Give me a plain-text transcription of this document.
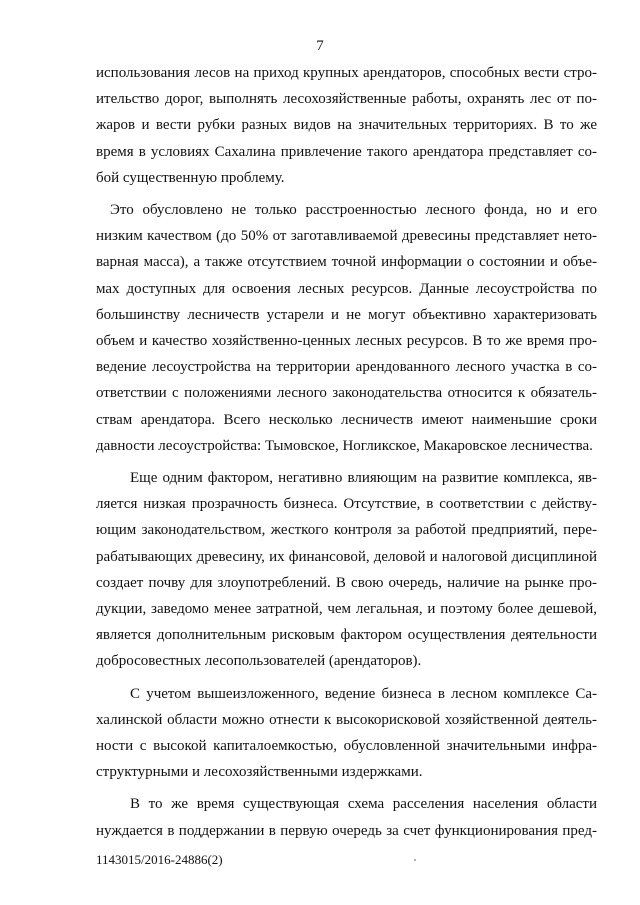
7

использования лесов на приход крупных арендаторов, способных вести стро-
ительство дорог, выполнять лесохозяйственные работы, охранять лес от по-
жаров и вести рубки разных видов на значительных территориях. В то же
время в условиях Сахалина привлечение такого арендатора представляет со-
бой существенную проблему.

Это обусловлено не только расстроенностью лесного фонда, но и его
низким качеством (до 50% от заготавливаемой древесины представляет нето-
варная масса), а также отсутствием точной информации о состоянии и объе-
мах доступных для освоения лесных ресурсов. Данные лесоустройства по
большинству лесничеств устарели и не могут объективно характеризовать
объем и качество хозяйственно-ценных лесных ресурсов. В то же время про-
ведение лесоустройства на территории арендованного лесного участка в со-
ответствии с положениями лесного законодательства относится к обязатель-
ствам арендатора. Всего несколько лесничеств имеют наименьшие сроки
давности лесоустройства: Тымовское, Ногликское, Макаровское лесничества.

Еще одним фактором, негативно влияющим на развитие комплекса, яв-
ляется низкая прозрачность бизнеса. Отсутствие, в соответствии с действу-
ющим законодательством, жесткого контроля за работой предприятий, пере-
рабатывающих древесину, их финансовой, деловой и налоговой дисциплиной
создает почву для злоупотреблений. В свою очередь, наличие на рынке про-
дукции, заведомо менее затратной, чем легальная, и поэтому более дешевой,
является дополнительным рисковым фактором осуществления деятельности
добросовестных лесопользователей (арендаторов).

С учетом вышеизложенного, ведение бизнеса в лесном комплексе Са-
халинской области можно отнести к высокорисковой хозяйственной деятель-
ности с высокой капиталоемкостью, обусловленной значительными инфра-
структурными и лесохозяйственными издержками.

В то же время существующая схема расселения населения области
нуждается в поддержании в первую очередь за счет функционирования пред-

1143015/2016-24886(2)
